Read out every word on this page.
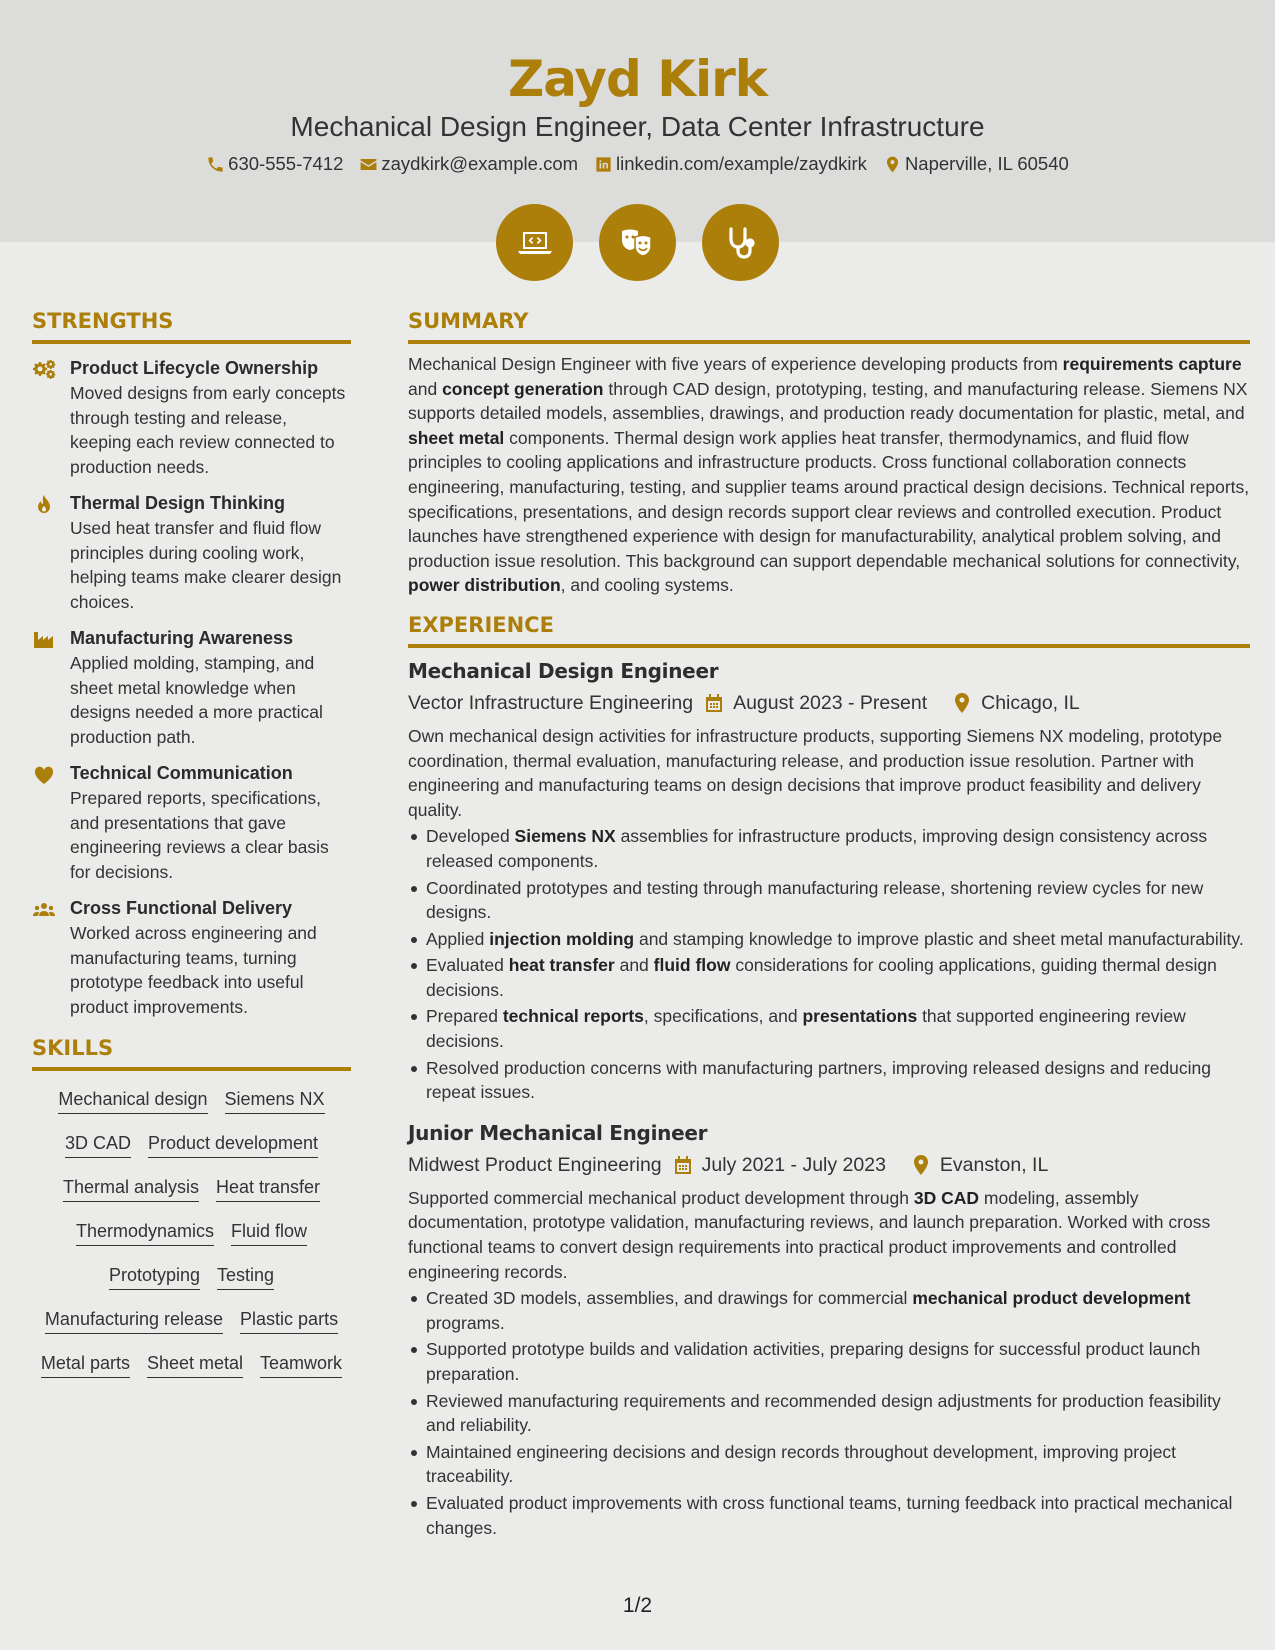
Zayd Kirk
Mechanical Design Engineer, Data Center Infrastructure
630-555-7412 zaydkirk@example.com linkedin.com/example/zaydkirk Naperville, IL 60540
STRENGTHS
Product Lifecycle Ownership
Moved designs from early concepts through testing and release, keeping each review connected to production needs.
Thermal Design Thinking
Used heat transfer and fluid flow principles during cooling work, helping teams make clearer design choices.
Manufacturing Awareness
Applied molding, stamping, and sheet metal knowledge when designs needed a more practical production path.
Technical Communication
Prepared reports, specifications, and presentations that gave engineering reviews a clear basis for decisions.
Cross Functional Delivery
Worked across engineering and manufacturing teams, turning prototype feedback into useful product improvements.
SKILLS
Mechanical design Siemens NX
3D CAD Product development
Thermal analysis Heat transfer
Thermodynamics Fluid flow
Prototyping Testing
Manufacturing release Plastic parts
Metal parts Sheet metal Teamwork
SUMMARY
Mechanical Design Engineer with five years of experience developing products from requirements capture and concept generation through CAD design, prototyping, testing, and manufacturing release. Siemens NX supports detailed models, assemblies, drawings, and production ready documentation for plastic, metal, and sheet metal components. Thermal design work applies heat transfer, thermodynamics, and fluid flow principles to cooling applications and infrastructure products. Cross functional collaboration connects engineering, manufacturing, testing, and supplier teams around practical design decisions. Technical reports, specifications, presentations, and design records support clear reviews and controlled execution. Product launches have strengthened experience with design for manufacturability, analytical problem solving, and production issue resolution. This background can support dependable mechanical solutions for connectivity, power distribution, and cooling systems.
EXPERIENCE
Mechanical Design Engineer
Vector Infrastructure Engineering August 2023 - Present	Chicago, IL
Own mechanical design activities for infrastructure products, supporting Siemens NX modeling, prototype coordination, thermal evaluation, manufacturing release, and production issue resolution. Partner with engineering and manufacturing teams on design decisions that improve product feasibility and delivery quality.
Developed Siemens NX assemblies for infrastructure products, improving design consistency across released components.
Coordinated prototypes and testing through manufacturing release, shortening review cycles for new designs.
Applied injection molding and stamping knowledge to improve plastic and sheet metal manufacturability.
Evaluated heat transfer and fluid flow considerations for cooling applications, guiding thermal design decisions.
Prepared technical reports, specifications, and presentations that supported engineering review decisions.
Resolved production concerns with manufacturing partners, improving released designs and reducing repeat issues.
Junior Mechanical Engineer
Midwest Product Engineering July 2021 - July 2023	Evanston, IL
Supported commercial mechanical product development through 3D CAD modeling, assembly documentation, prototype validation, manufacturing reviews, and launch preparation. Worked with cross functional teams to convert design requirements into practical product improvements and controlled engineering records.
Created 3D models, assemblies, and drawings for commercial mechanical product development programs.
Supported prototype builds and validation activities, preparing designs for successful product launch preparation.
Reviewed manufacturing requirements and recommended design adjustments for production feasibility and reliability.
Maintained engineering decisions and design records throughout development, improving project traceability.
Evaluated product improvements with cross functional teams, turning feedback into practical mechanical changes.
1/2
